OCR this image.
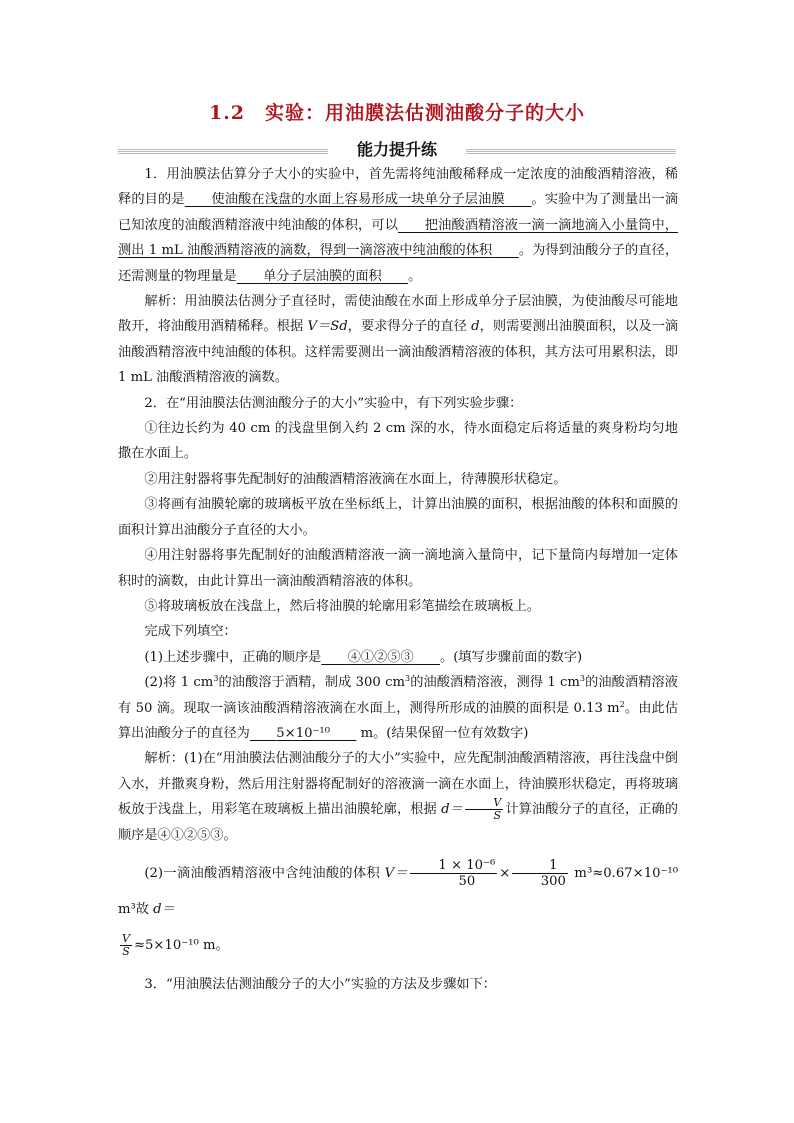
1.2　实验：用油膜法估测油酸分子的大小
能力提升练

1．用油膜法估算分子大小的实验中，首先需将纯油酸稀释成一定浓度的油酸酒精溶液，稀释的目的是　　 使油酸在浅盘的水面上容易形成一块单分子层油膜　　 。实验中为了测量出一滴已知浓度的油酸酒精溶液中纯油酸的体积，可以　　 把油酸酒精溶液一滴一滴地滴入小量筒中，测出 1 mL 油酸酒精溶液的滴数，得到一滴溶液中纯油酸的体积　　 。为得到油酸分子的直径，还需测量的物理量是　　 单分子层油膜的面积　　 。

解析：用油膜法估测分子直径时，需使油酸在水面上形成单分子层油膜，为使油酸尽可能地散开，将油酸用酒精稀释。根据 V＝Sd，要求得分子的直径 d，则需要测出油膜面积，以及一滴油酸酒精溶液中纯油酸的体积。这样需要测出一滴油酸酒精溶液的体积，其方法可用累积法，即 1 mL 油酸酒精溶液的滴数。

2．在“用油膜法估测油酸分子的大小”实验中，有下列实验步骤：

①往边长约为 40 cm 的浅盘里倒入约 2 cm 深的水，待水面稳定后将适量的爽身粉均匀地撒在水面上。

②用注射器将事先配制好的油酸酒精溶液滴在水面上，待薄膜形状稳定。

③将画有油膜轮廓的玻璃板平放在坐标纸上，计算出油膜的面积，根据油酸的体积和面膜的面积计算出油酸分子直径的大小。

④用注射器将事先配制好的油酸酒精溶液一滴一滴地滴入量筒中，记下量筒内每增加一定体积时的滴数，由此计算出一滴油酸酒精溶液的体积。

⑤将玻璃板放在浅盘上，然后将油膜的轮廓用彩笔描绘在玻璃板上。

完成下列填空：

(1)上述步骤中，正确的顺序是　　 ④①②⑤③　　 。(填写步骤前面的数字)

(2)将 1 $cm^3$的油酸溶于酒精，制成 300 $cm^3$的油酸酒精溶液，测得 1 $cm^3$的油酸酒精溶液有 50 滴。现取一滴该油酸酒精溶液滴在水面上，测得所形成的油膜的面积是 0.13 $m^2$。由此估算出油酸分子的直径为　　 5×10⁻¹⁰　　 m。(结果保留一位有效数字)

解析：(1)在“用油膜法估测油酸分子的大小”实验中，应先配制油酸酒精溶液，再往浅盘中倒入水，并撒爽身粉，然后用注射器将配制好的溶液滴一滴在水面上，待油膜形状稳定，再将玻璃板放于浅盘上，用彩笔在玻璃板上描出油膜轮廓，根据 $d= \frac{V}{S}$ 计算油酸分子的直径，正确的顺序是④①②⑤③。

(2)一滴油酸酒精溶液中含纯油酸的体积 $V= \frac{\text{1 × 10⁻⁶}}{50} \times \frac{1}{300} m^3\approx 0.67\times 10^{-10}$ m³故 d＝

$\frac{V}{S} \approx 5\times 10^{-10}$ m。

3．“用油膜法估测油酸分子的大小”实验的方法及步骤如下：
